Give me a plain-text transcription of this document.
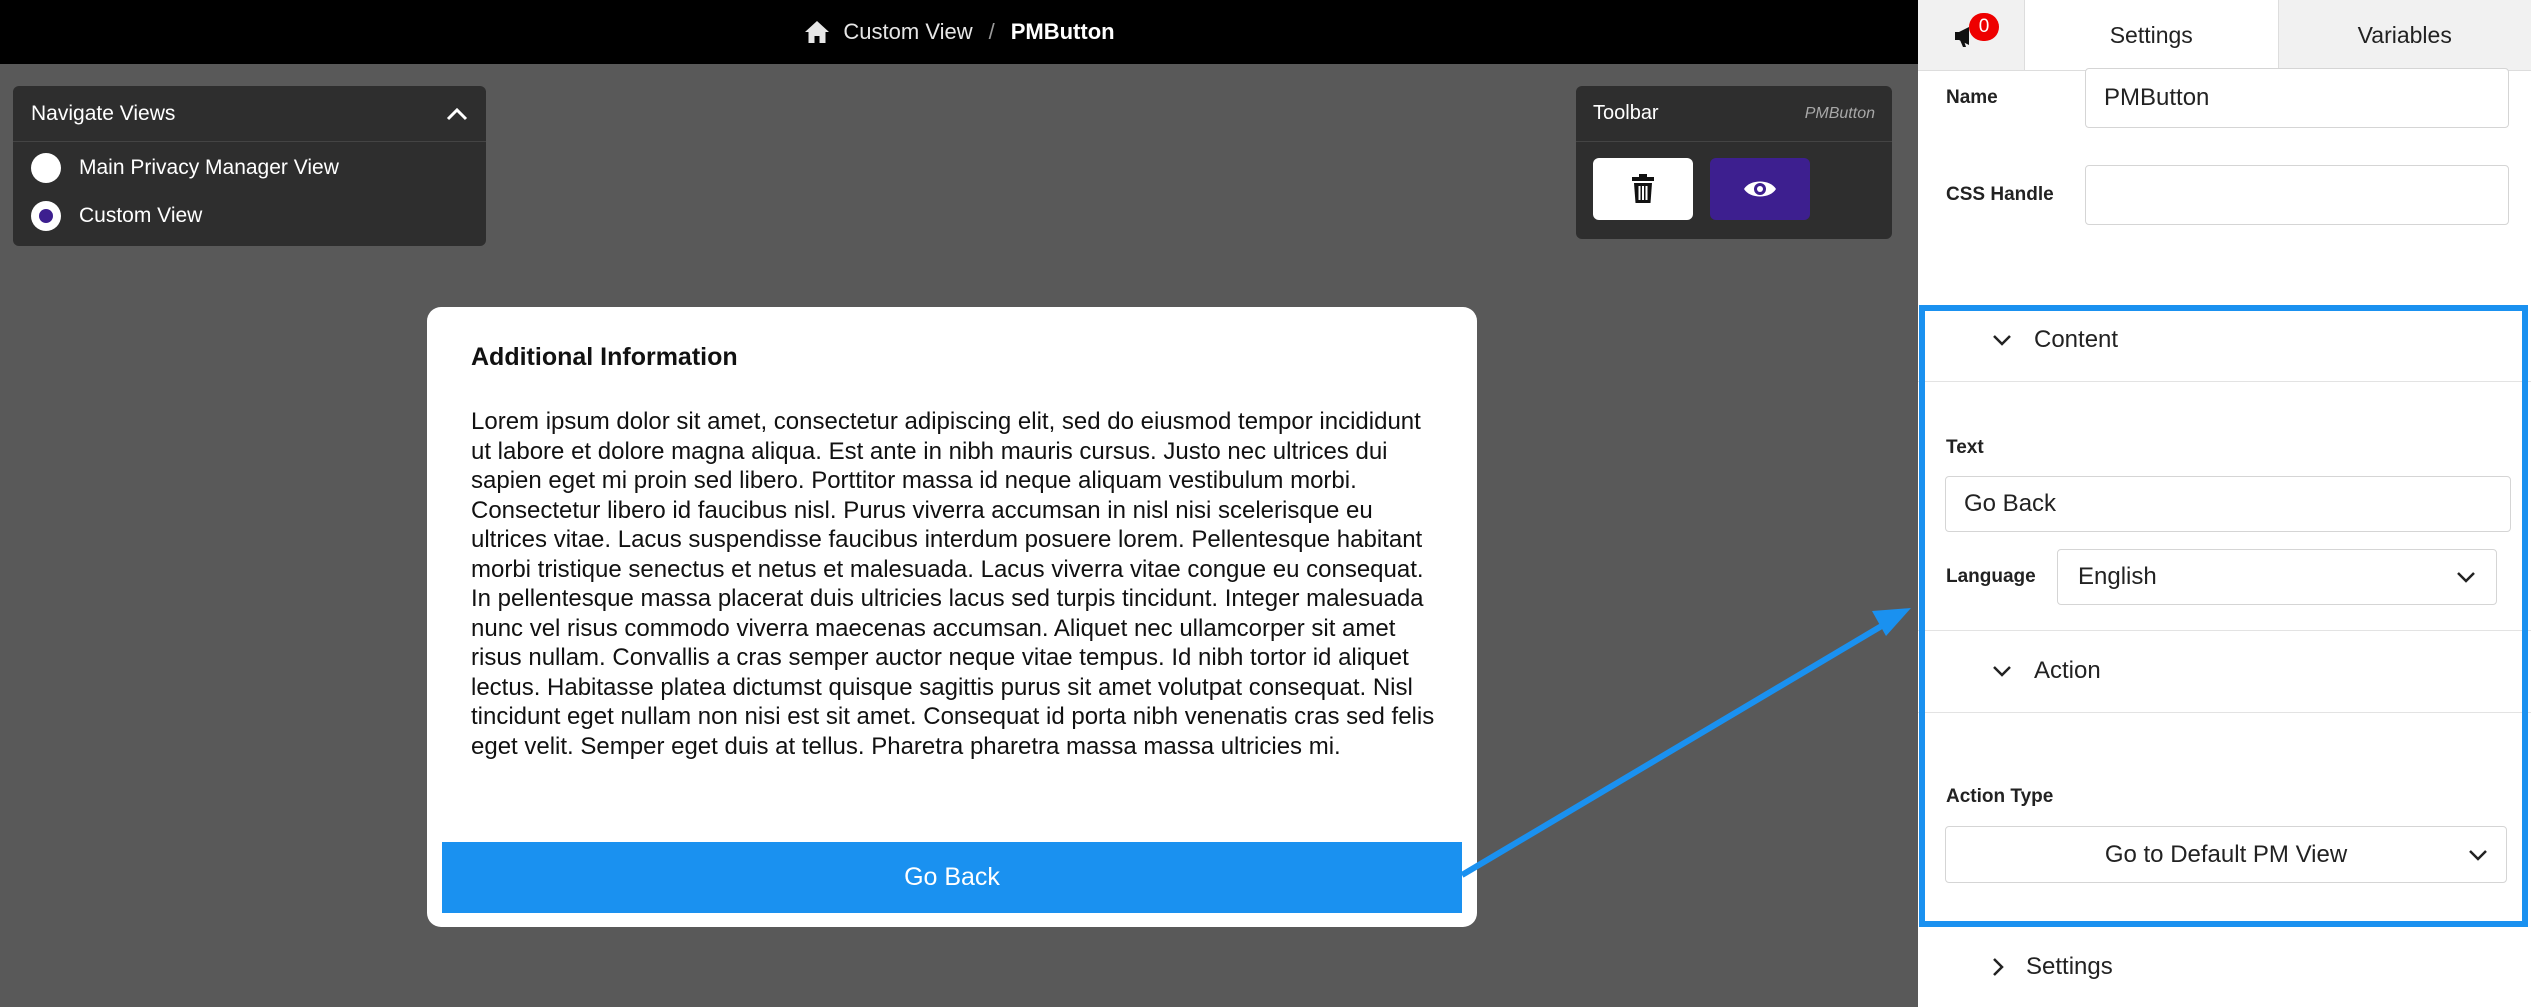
Custom View / PMButton
Navigate Views
Main Privacy Manager View
Custom View
Toolbar	PMButton
Additional Information
Lorem ipsum dolor sit amet, consectetur adipiscing elit, sed do eiusmod tempor incididunt ut labore et dolore magna aliqua. Est ante in nibh mauris cursus. Justo nec ultrices dui sapien eget mi proin sed libero. Porttitor massa id neque aliquam vestibulum morbi. Consectetur libero id faucibus nisl. Purus viverra accumsan in nisl nisi scelerisque eu ultrices vitae. Lacus suspendisse faucibus interdum posuere lorem. Pellentesque habitant morbi tristique senectus et netus et malesuada. Lacus viverra vitae congue eu consequat. In pellentesque massa placerat duis ultricies lacus sed turpis tincidunt. Integer malesuada nunc vel risus commodo viverra maecenas accumsan. Aliquet nec ullamcorper sit amet risus nullam. Convallis a cras semper auctor neque vitae tempus. Id nibh tortor id aliquet lectus. Habitasse platea dictumst quisque sagittis purus sit amet volutpat consequat. Nisl tincidunt eget nullam non nisi est sit amet. Consequat id porta nibh venenatis cras sed felis eget velit. Semper eget duis at tellus. Pharetra pharetra massa massa ultricies mi.
Go Back
0	Settings	Variables
Name
PMButton
CSS Handle
Content
Text
Go Back
Language English
Action
Action Type
Go to Default PM View
Settings
